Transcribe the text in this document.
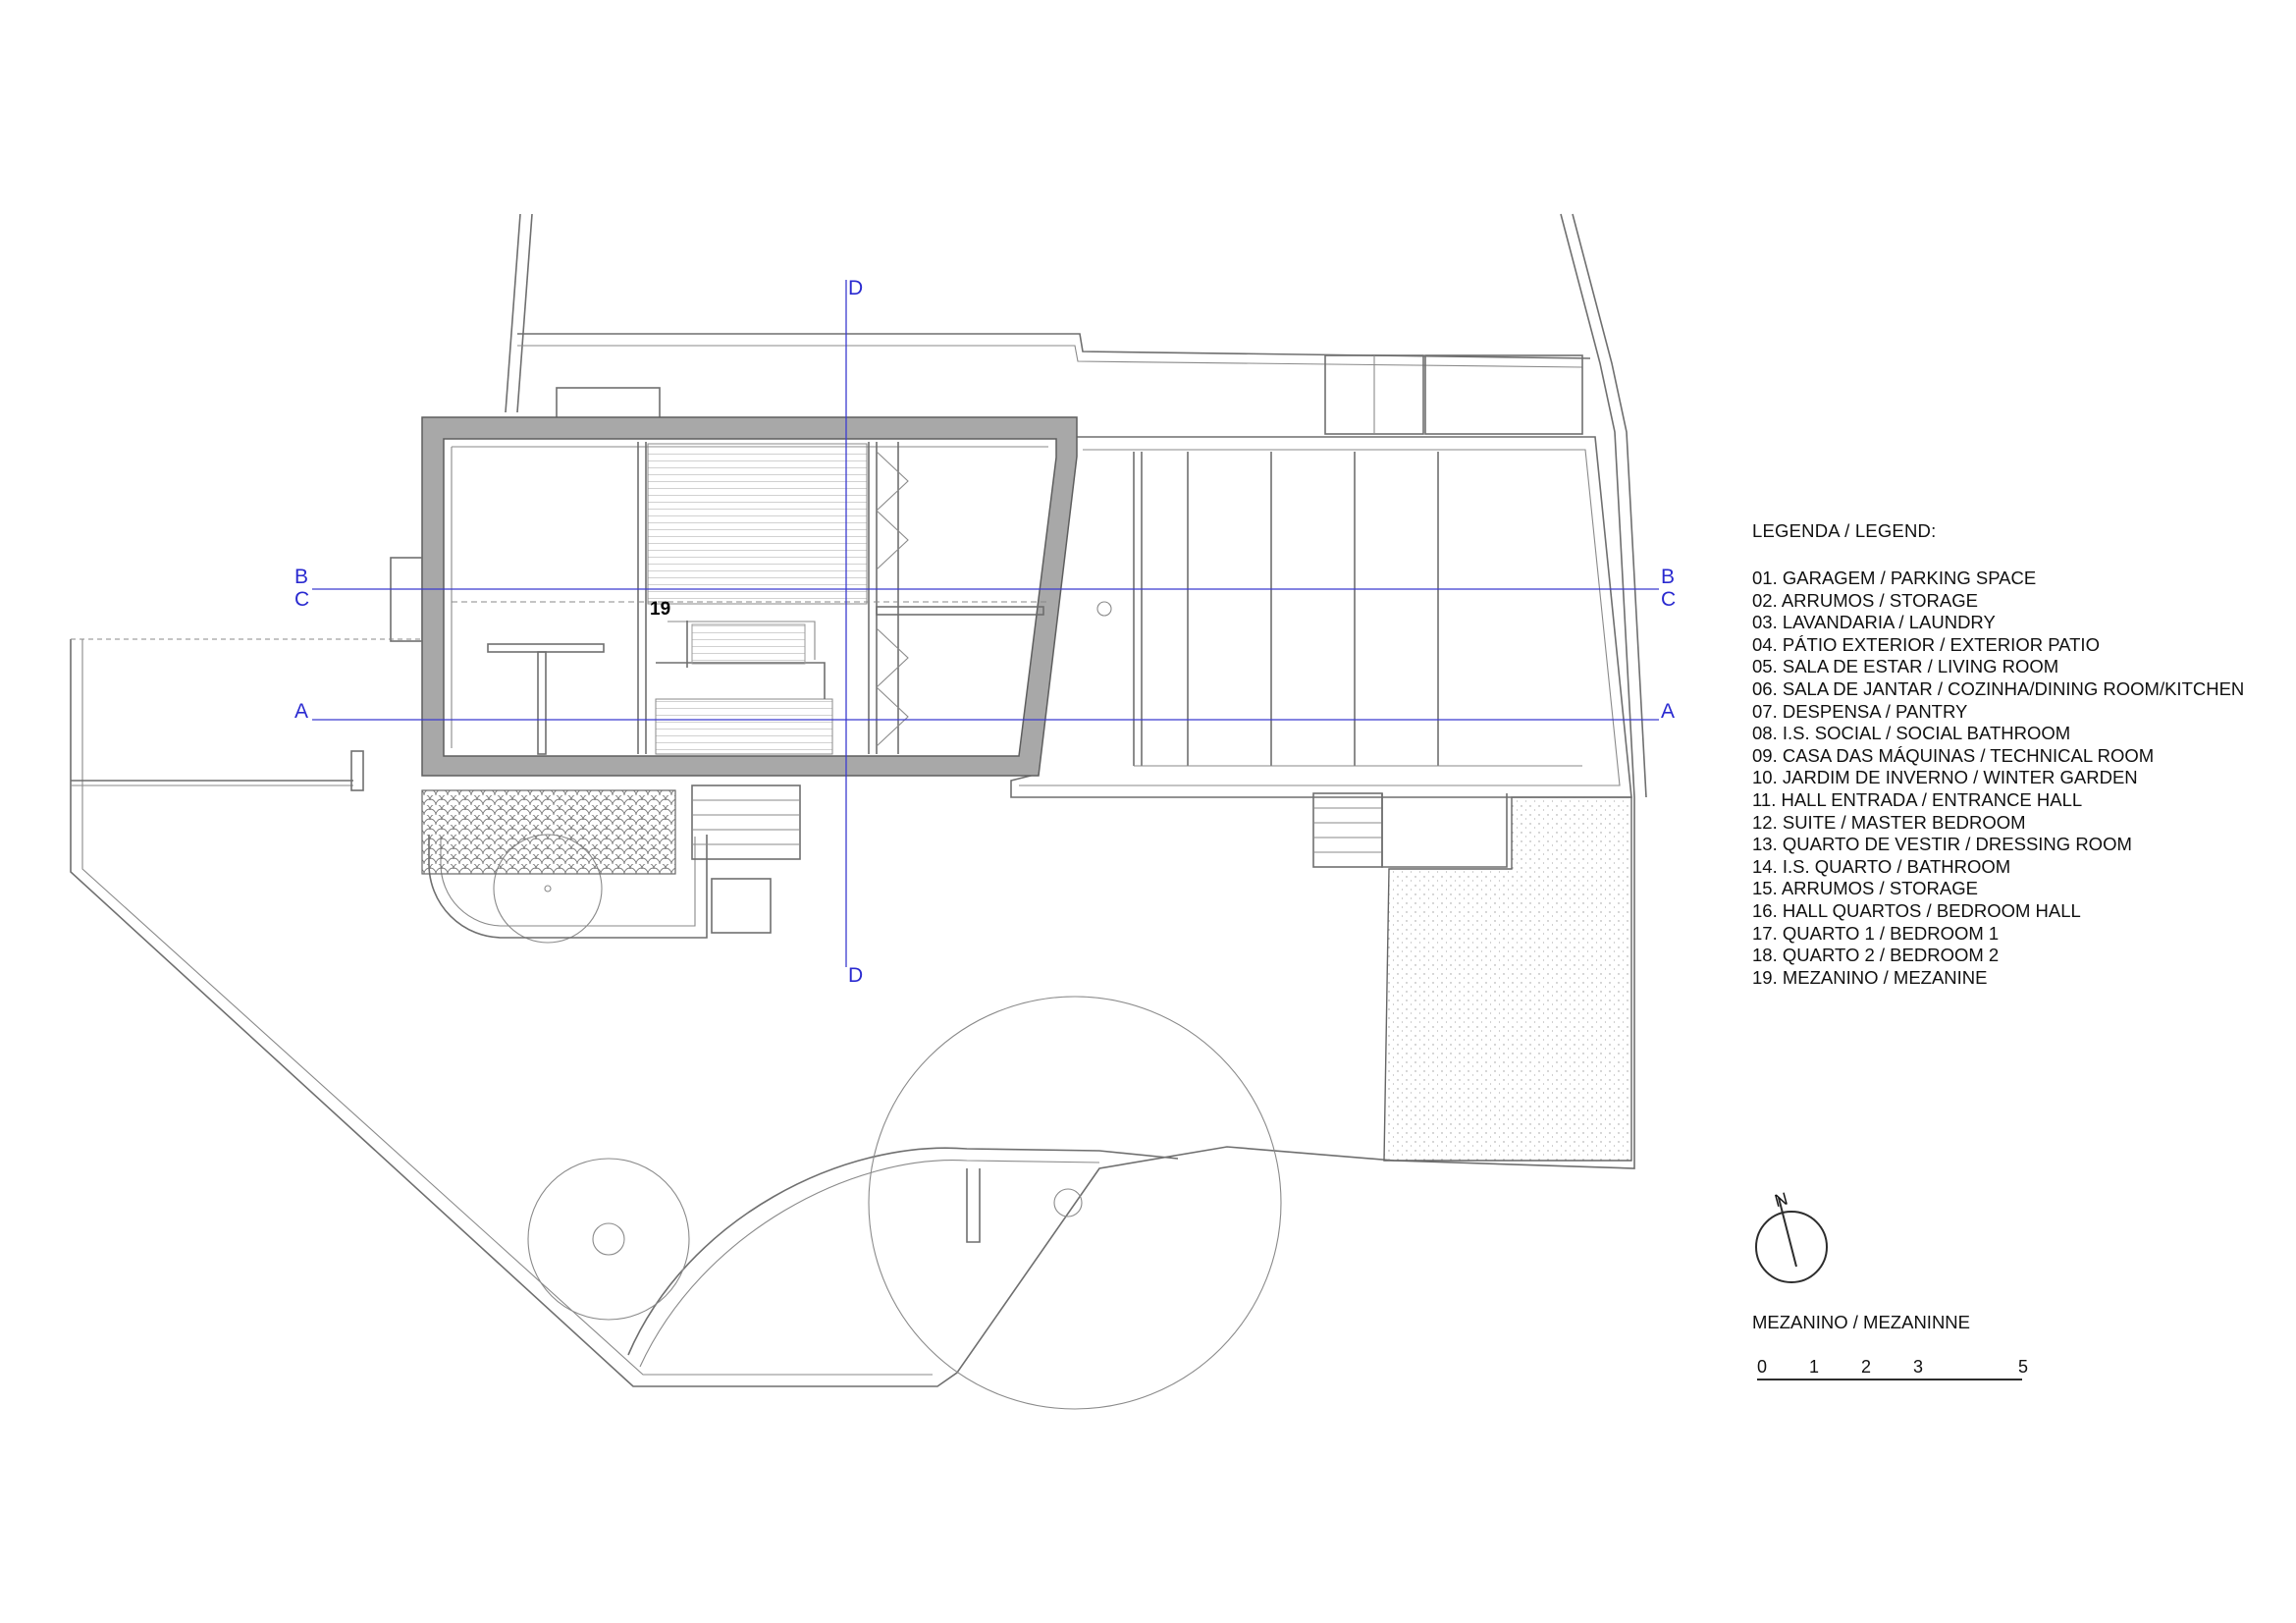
B
C
A
B
C
A
D
D
19
N
0 1 2 3	5
LEGENDA / LEGEND:
01. GARAGEM / PARKING SPACE
02. ARRUMOS / STORAGE
03. LAVANDARIA / LAUNDRY
04. PÁTIO EXTERIOR / EXTERIOR PATIO
05. SALA DE ESTAR / LIVING ROOM
06. SALA DE JANTAR / COZINHA/DINING ROOM/KITCHEN
07. DESPENSA / PANTRY
08. I.S. SOCIAL / SOCIAL BATHROOM
09. CASA DAS MÁQUINAS / TECHNICAL ROOM
10. JARDIM DE INVERNO / WINTER GARDEN
11. HALL ENTRADA / ENTRANCE HALL
12. SUITE / MASTER BEDROOM
13. QUARTO DE VESTIR / DRESSING ROOM
14. I.S. QUARTO / BATHROOM
15. ARRUMOS / STORAGE
16. HALL QUARTOS / BEDROOM HALL
17. QUARTO 1 / BEDROOM 1
18. QUARTO 2 / BEDROOM 2
19. MEZANINO / MEZANINE
MEZANINO / MEZANINNE
